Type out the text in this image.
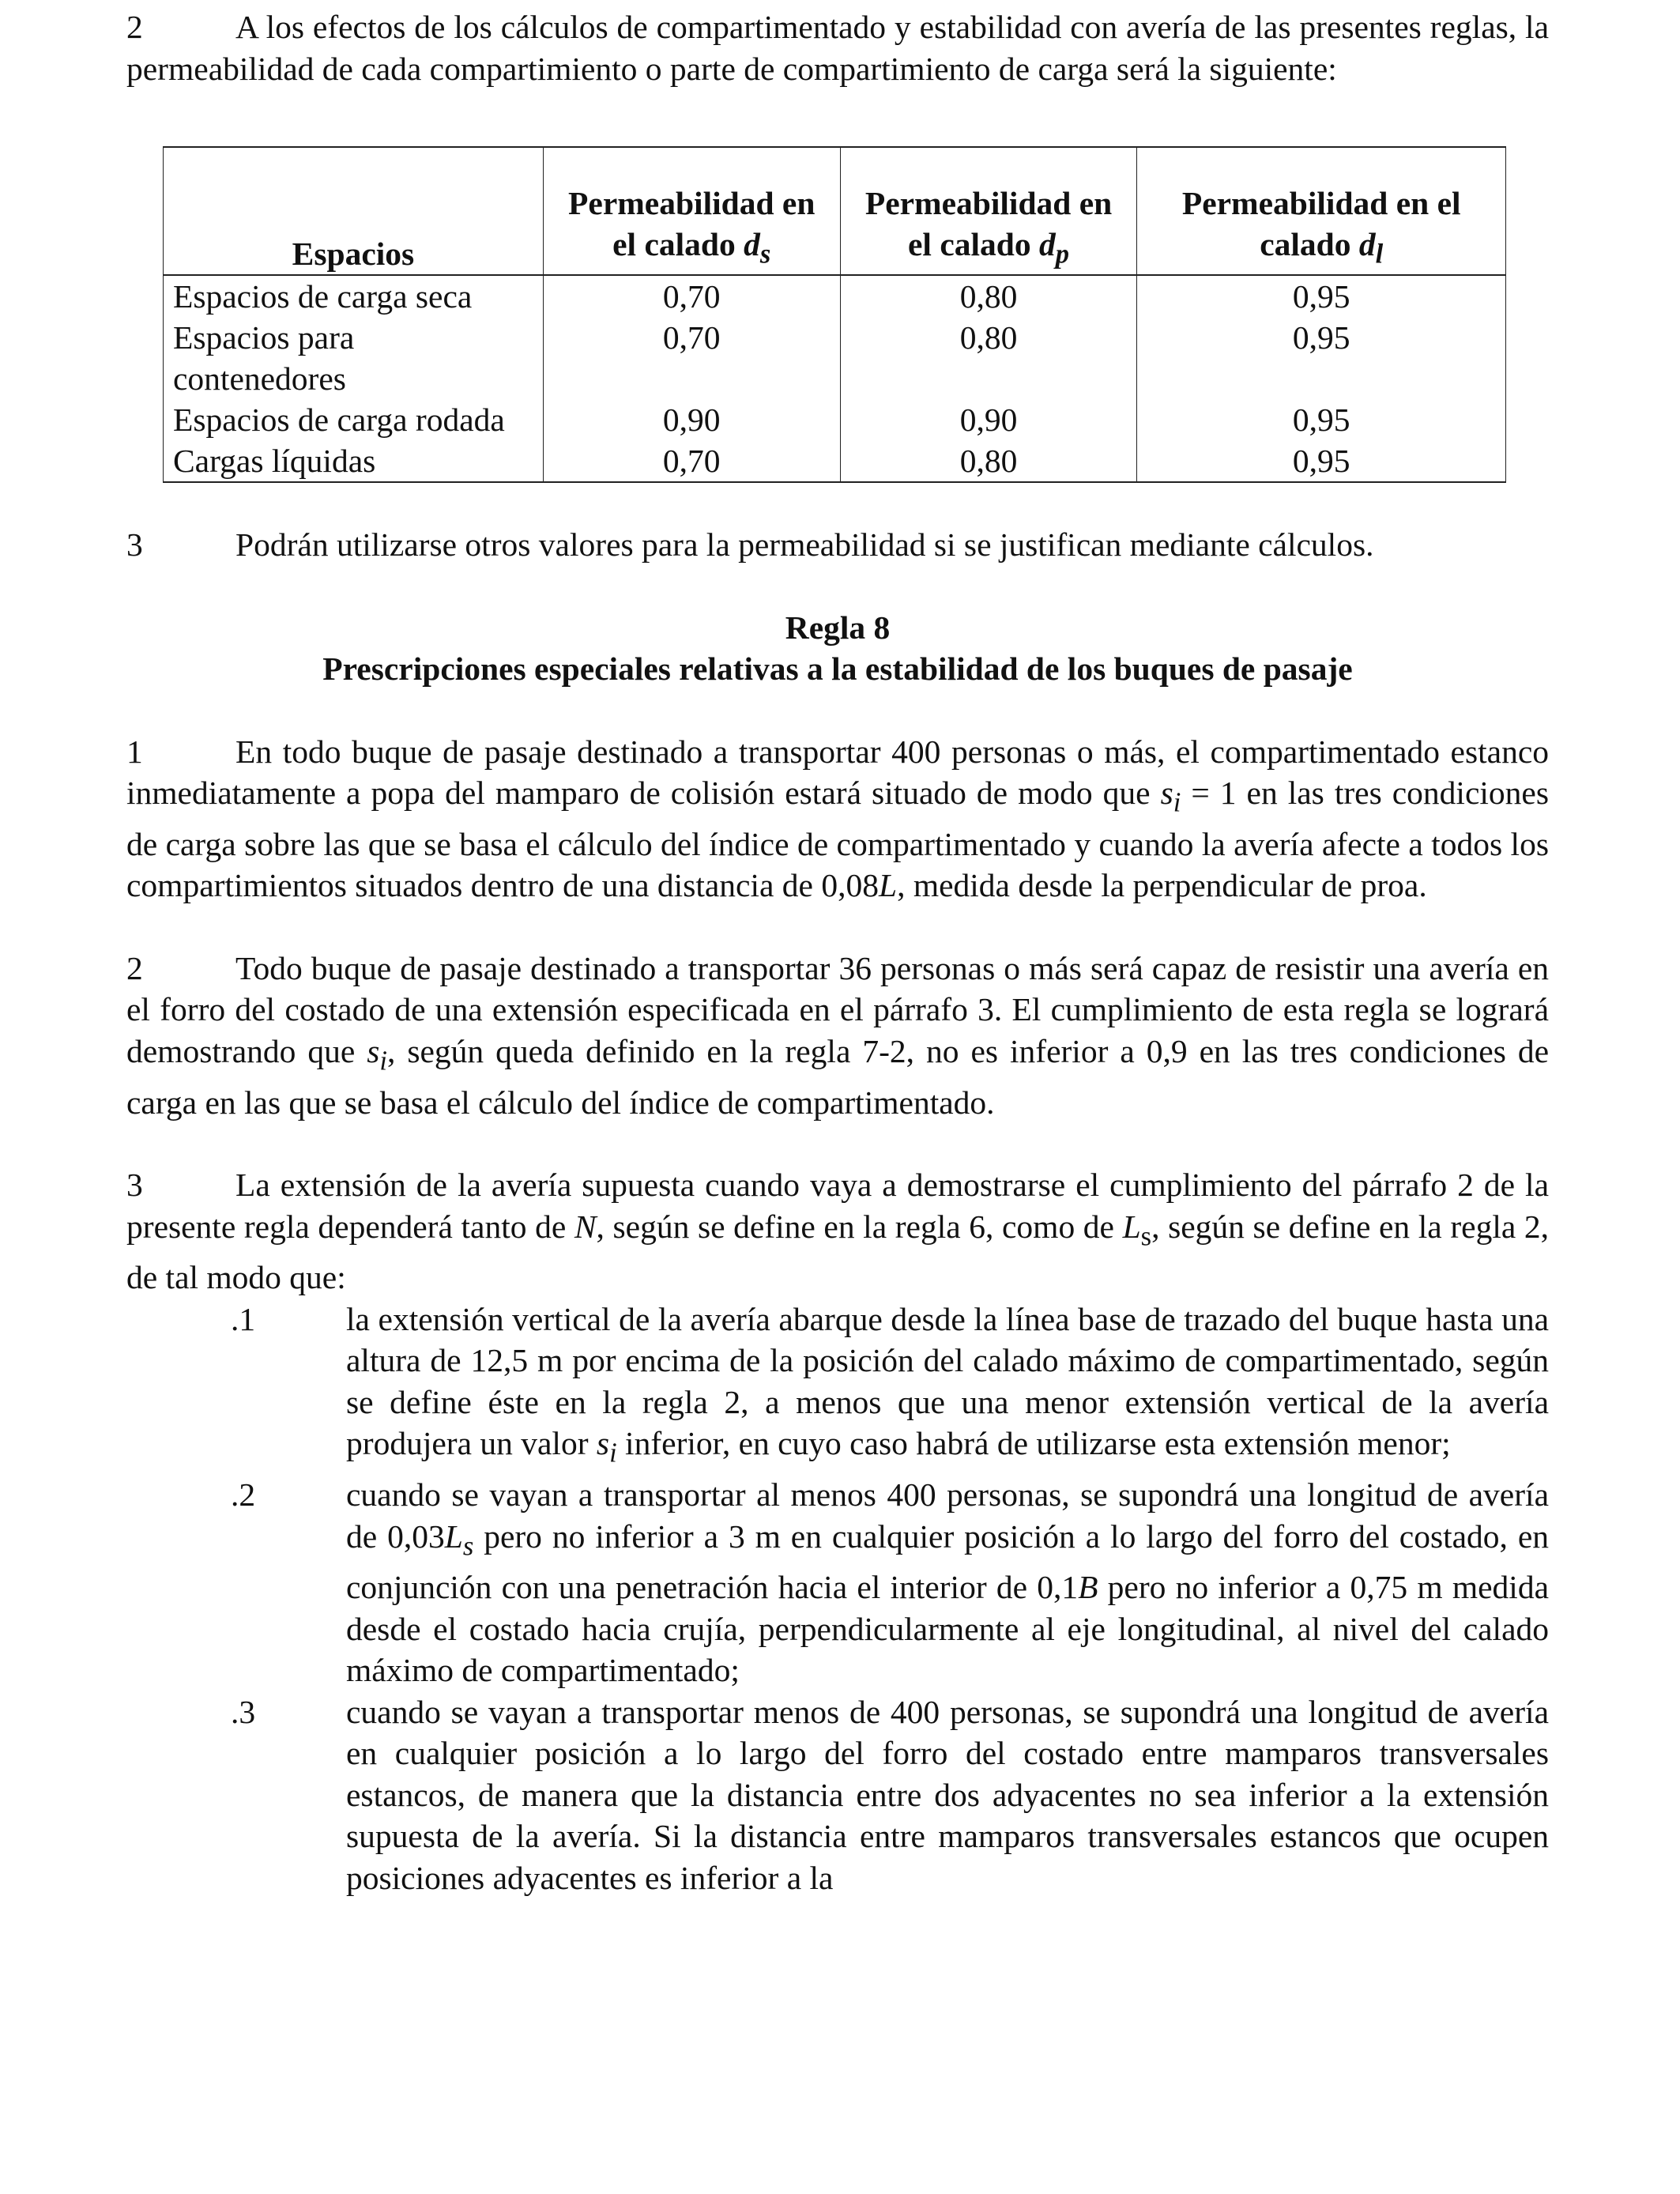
2	A los efectos de los cálculos de compartimentado y estabilidad con avería de las presentes reglas, la permeabilidad de cada compartimiento o parte de compartimiento de carga será la siguiente:

Espacios	Permeabilidad en el calado $d_s$	Permeabilidad en el calado $d_p$	Permeabilidad en el calado $d_l$
Espacios de carga seca	0,70	0,80	0,95
Espacios para contenedores	0,70	0,80	0,95
Espacios de carga rodada	0,90	0,90	0,95
Cargas líquidas	0,70	0,80	0,95

3	Podrán utilizarse otros valores para la permeabilidad si se justifican mediante cálculos.

Regla 8

Prescripciones especiales relativas a la estabilidad de los buques de pasaje

1	En todo buque de pasaje destinado a transportar 400 personas o más, el compartimentado estanco inmediatamente a popa del mamparo de colisión estará situado de modo que $s_i = 1$ en las tres condiciones de carga sobre las que se basa el cálculo del índice de compartimentado y cuando la avería afecte a todos los compartimientos situados dentro de una distancia de 0,08L, medida desde la perpendicular de proa.

2	Todo buque de pasaje destinado a transportar 36 personas o más será capaz de resistir una avería en el forro del costado de una extensión especificada en el párrafo 3. El cumplimiento de esta regla se logrará demostrando que $s_i$, según queda definido en la regla 7-2, no es inferior a 0,9 en las tres condiciones de carga en las que se basa el cálculo del índice de compartimentado.

3	La extensión de la avería supuesta cuando vaya a demostrarse el cumplimiento del párrafo 2 de la presente regla dependerá tanto de N, según se define en la regla 6, como de $L_s$, según se define en la regla 2, de tal modo que:

.1	la extensión vertical de la avería abarque desde la línea base de trazado del buque hasta una altura de 12,5 m por encima de la posición del calado máximo de compartimentado, según se define éste en la regla 2, a menos que una menor extensión vertical de la avería produjera un valor $s_i$ inferior, en cuyo caso habrá de utilizarse esta extensión menor;
.2	cuando se vayan a transportar al menos 400 personas, se supondrá una longitud de avería de $0,03L_s$ pero no inferior a 3 m en cualquier posición a lo largo del forro del costado, en conjunción con una penetración hacia el interior de 0,1B pero no inferior a 0,75 m medida desde el costado hacia crujía, perpendicularmente al eje longitudinal, al nivel del calado máximo de compartimentado;
.3	cuando se vayan a transportar menos de 400 personas, se supondrá una longitud de avería en cualquier posición a lo largo del forro del costado entre mamparos transversales estancos, de manera que la distancia entre dos adyacentes no sea inferior a la extensión supuesta de la avería. Si la distancia entre mamparos transversales estancos que ocupen posiciones adyacentes es inferior a la
